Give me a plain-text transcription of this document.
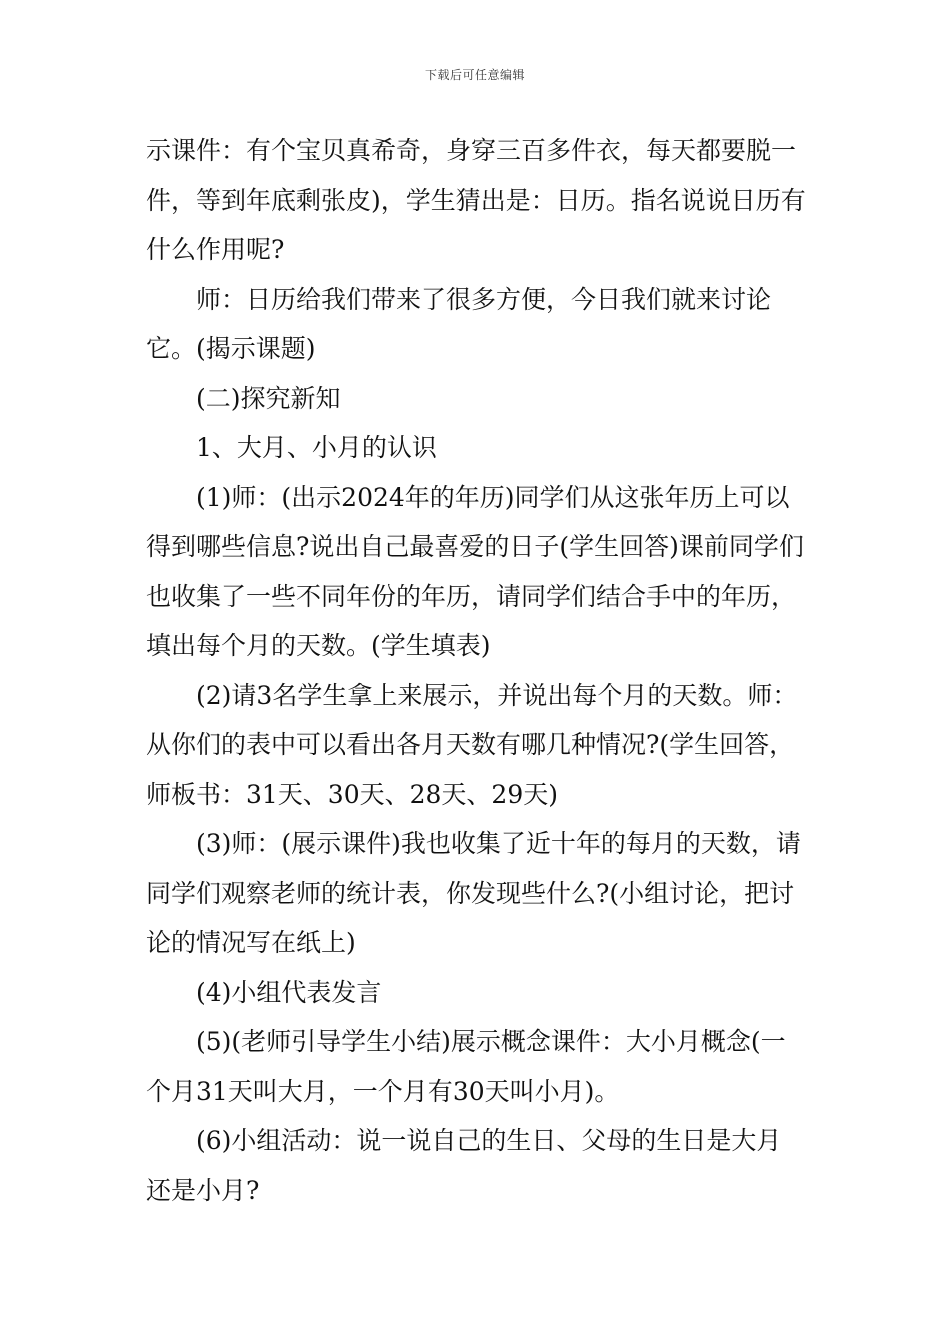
下载后可任意编辑

示课件：有个宝贝真希奇，身穿三百多件衣，每天都要脱一件，等到年底剩张皮)，学生猜出是：日历。指名说说日历有什么作用呢?

师：日历给我们带来了很多方便，今日我们就来讨论它。(揭示课题)

(二)探究新知

1、大月、小月的认识

(1)师：(出示2024年的年历)同学们从这张年历上可以得到哪些信息?说出自己最喜爱的日子(学生回答)课前同学们也收集了一些不同年份的年历，请同学们结合手中的年历，填出每个月的天数。(学生填表)

(2)请3名学生拿上来展示，并说出每个月的天数。师：从你们的表中可以看出各月天数有哪几种情况?(学生回答，师板书：31天、30天、28天、29天)

(3)师：(展示课件)我也收集了近十年的每月的天数，请同学们观察老师的统计表，你发现些什么?(小组讨论，把讨论的情况写在纸上)

(4)小组代表发言

(5)(老师引导学生小结)展示概念课件：大小月概念(一个月31天叫大月，一个月有30天叫小月)。

(6)小组活动：说一说自己的生日、父母的生日是大月还是小月?
